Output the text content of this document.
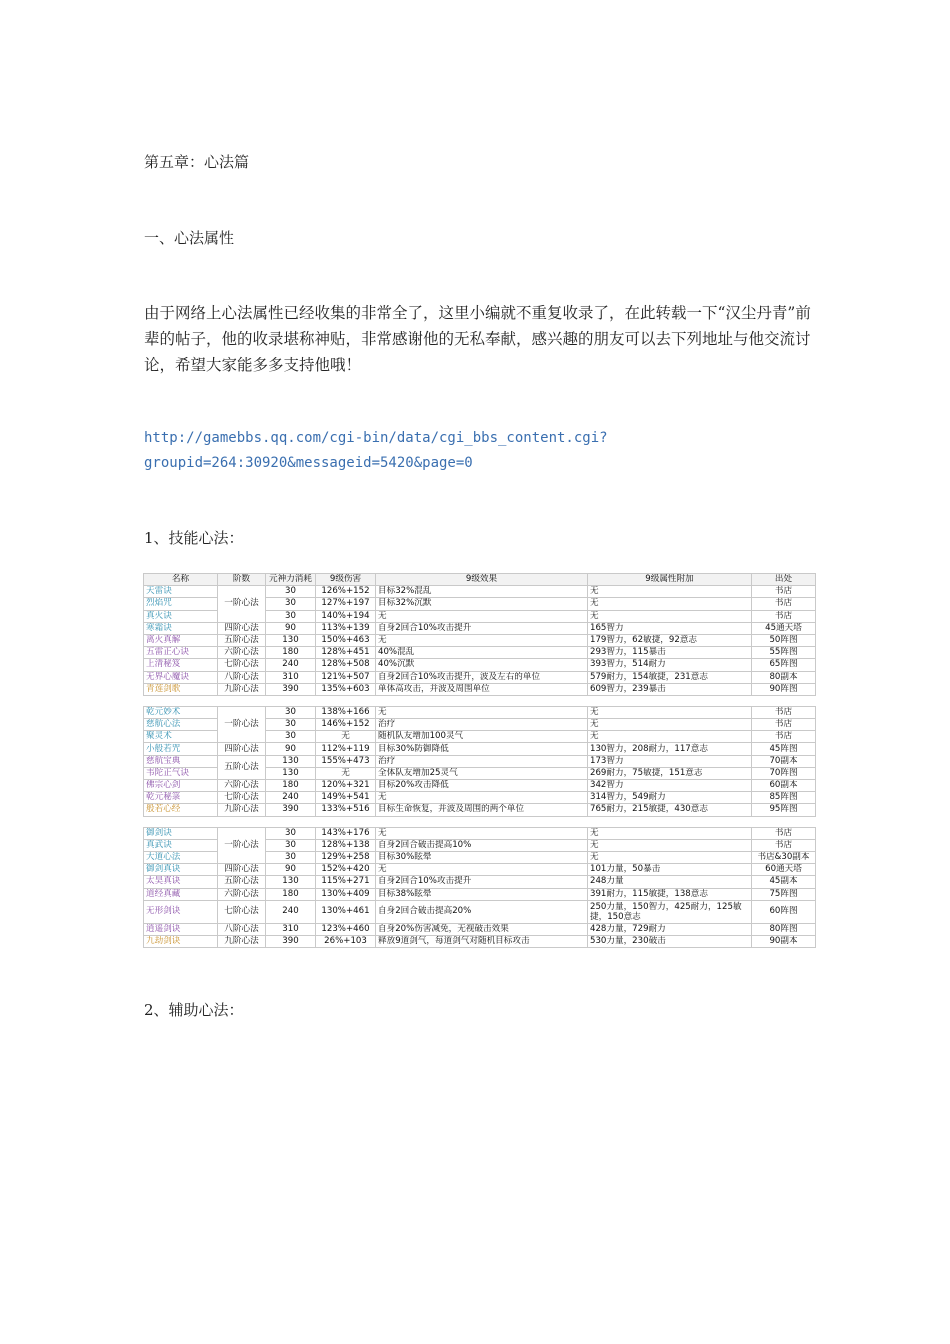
第五章：心法篇
一、心法属性

由于网络上心法属性已经收集的非常全了，这里小编就不重复收录了，在此转载一下“汉尘丹青”前辈的帖子，他的收录堪称神贴，非常感谢他的无私奉献，感兴趣的朋友可以去下列地址与他交流讨论，希望大家能多多支持他哦！

http://gamebbs.qq.com/cgi-bin/data/cgi_bbs_content.cgi?
groupid=264:30920&messageid=5420&page=0
1、技能心法：
名称	阶数	元神力消耗	9级伤害	9级效果	9级属性附加	出处
天雷诀	一阶心法	30	126%+152	目标32%混乱	无	书店
烈焰咒		30	127%+197	目标32%沉默	无	书店
真火诀		30	140%+194	无	无	书店
寒霜诀	四阶心法	90	113%+139	自身2回合10%攻击提升	165智力	45通天塔
离火真解	五阶心法	130	150%+463	无	179智力，62敏捷，92意志	50阵图
五雷正心诀	六阶心法	180	128%+451	40%混乱	293智力，115暴击	55阵图
上清秘笈	七阶心法	240	128%+508	40%沉默	393智力，514耐力	65阵图
无界心魔诀	八阶心法	310	121%+507	自身2回合10%攻击提升，波及左右的单位	579耐力，154敏捷，231意志	80副本
青莲剑歌	九阶心法	390	135%+603	单体高攻击，并波及周围单位	609智力，239暴击	90阵图

乾元妙术	一阶心法	30	138%+166	无	无	书店
慈航心法		30	146%+152	治疗	无	书店
聚灵术		30	无	随机队友增加100灵气	无	书店
小般若咒	四阶心法	90	112%+119	目标30%防御降低	130智力，208耐力，117意志	45阵图
慈航宝典	五阶心法	130	155%+473	治疗	173智力	70副本
韦陀正气诀		130	无	全体队友增加25灵气	269耐力，75敏捷，151意志	70阵图
佛宗心剑	六阶心法	180	120%+321	目标20%攻击降低	342智力	60副本
乾元秘箓	七阶心法	240	149%+541	无	314智力，549耐力	85阵图
般若心经	九阶心法	390	133%+516	目标生命恢复，并波及周围的两个单位	765耐力，215敏捷，430意志	95阵图

御剑诀	一阶心法	30	143%+176	无	无	书店
真武诀		30	128%+138	自身2回合破击提高10%	无	书店
大道心法		30	129%+258	目标30%眩晕	无	书店&30副本
御剑真诀	四阶心法	90	152%+420	无	101力量，50暴击	60通天塔
太昊真诀	五阶心法	130	115%+271	自身2回合10%攻击提升	248力量	45副本
道经真藏	六阶心法	180	130%+409	目标38%眩晕	391耐力，115敏捷，138意志	75阵图
无形剑诀	七阶心法	240	130%+461	自身2回合破击提高20%	250力量，150智力，425耐力，125敏捷，150意志	60阵图
逍遥剑诀	八阶心法	310	123%+460	自身20%伤害减免，无视破击效果	428力量，729耐力	80阵图
九劫剑诀	九阶心法	390	26%+103	释放9道剑气，每道剑气对随机目标攻击	530力量，230破击	90副本
2、辅助心法：
